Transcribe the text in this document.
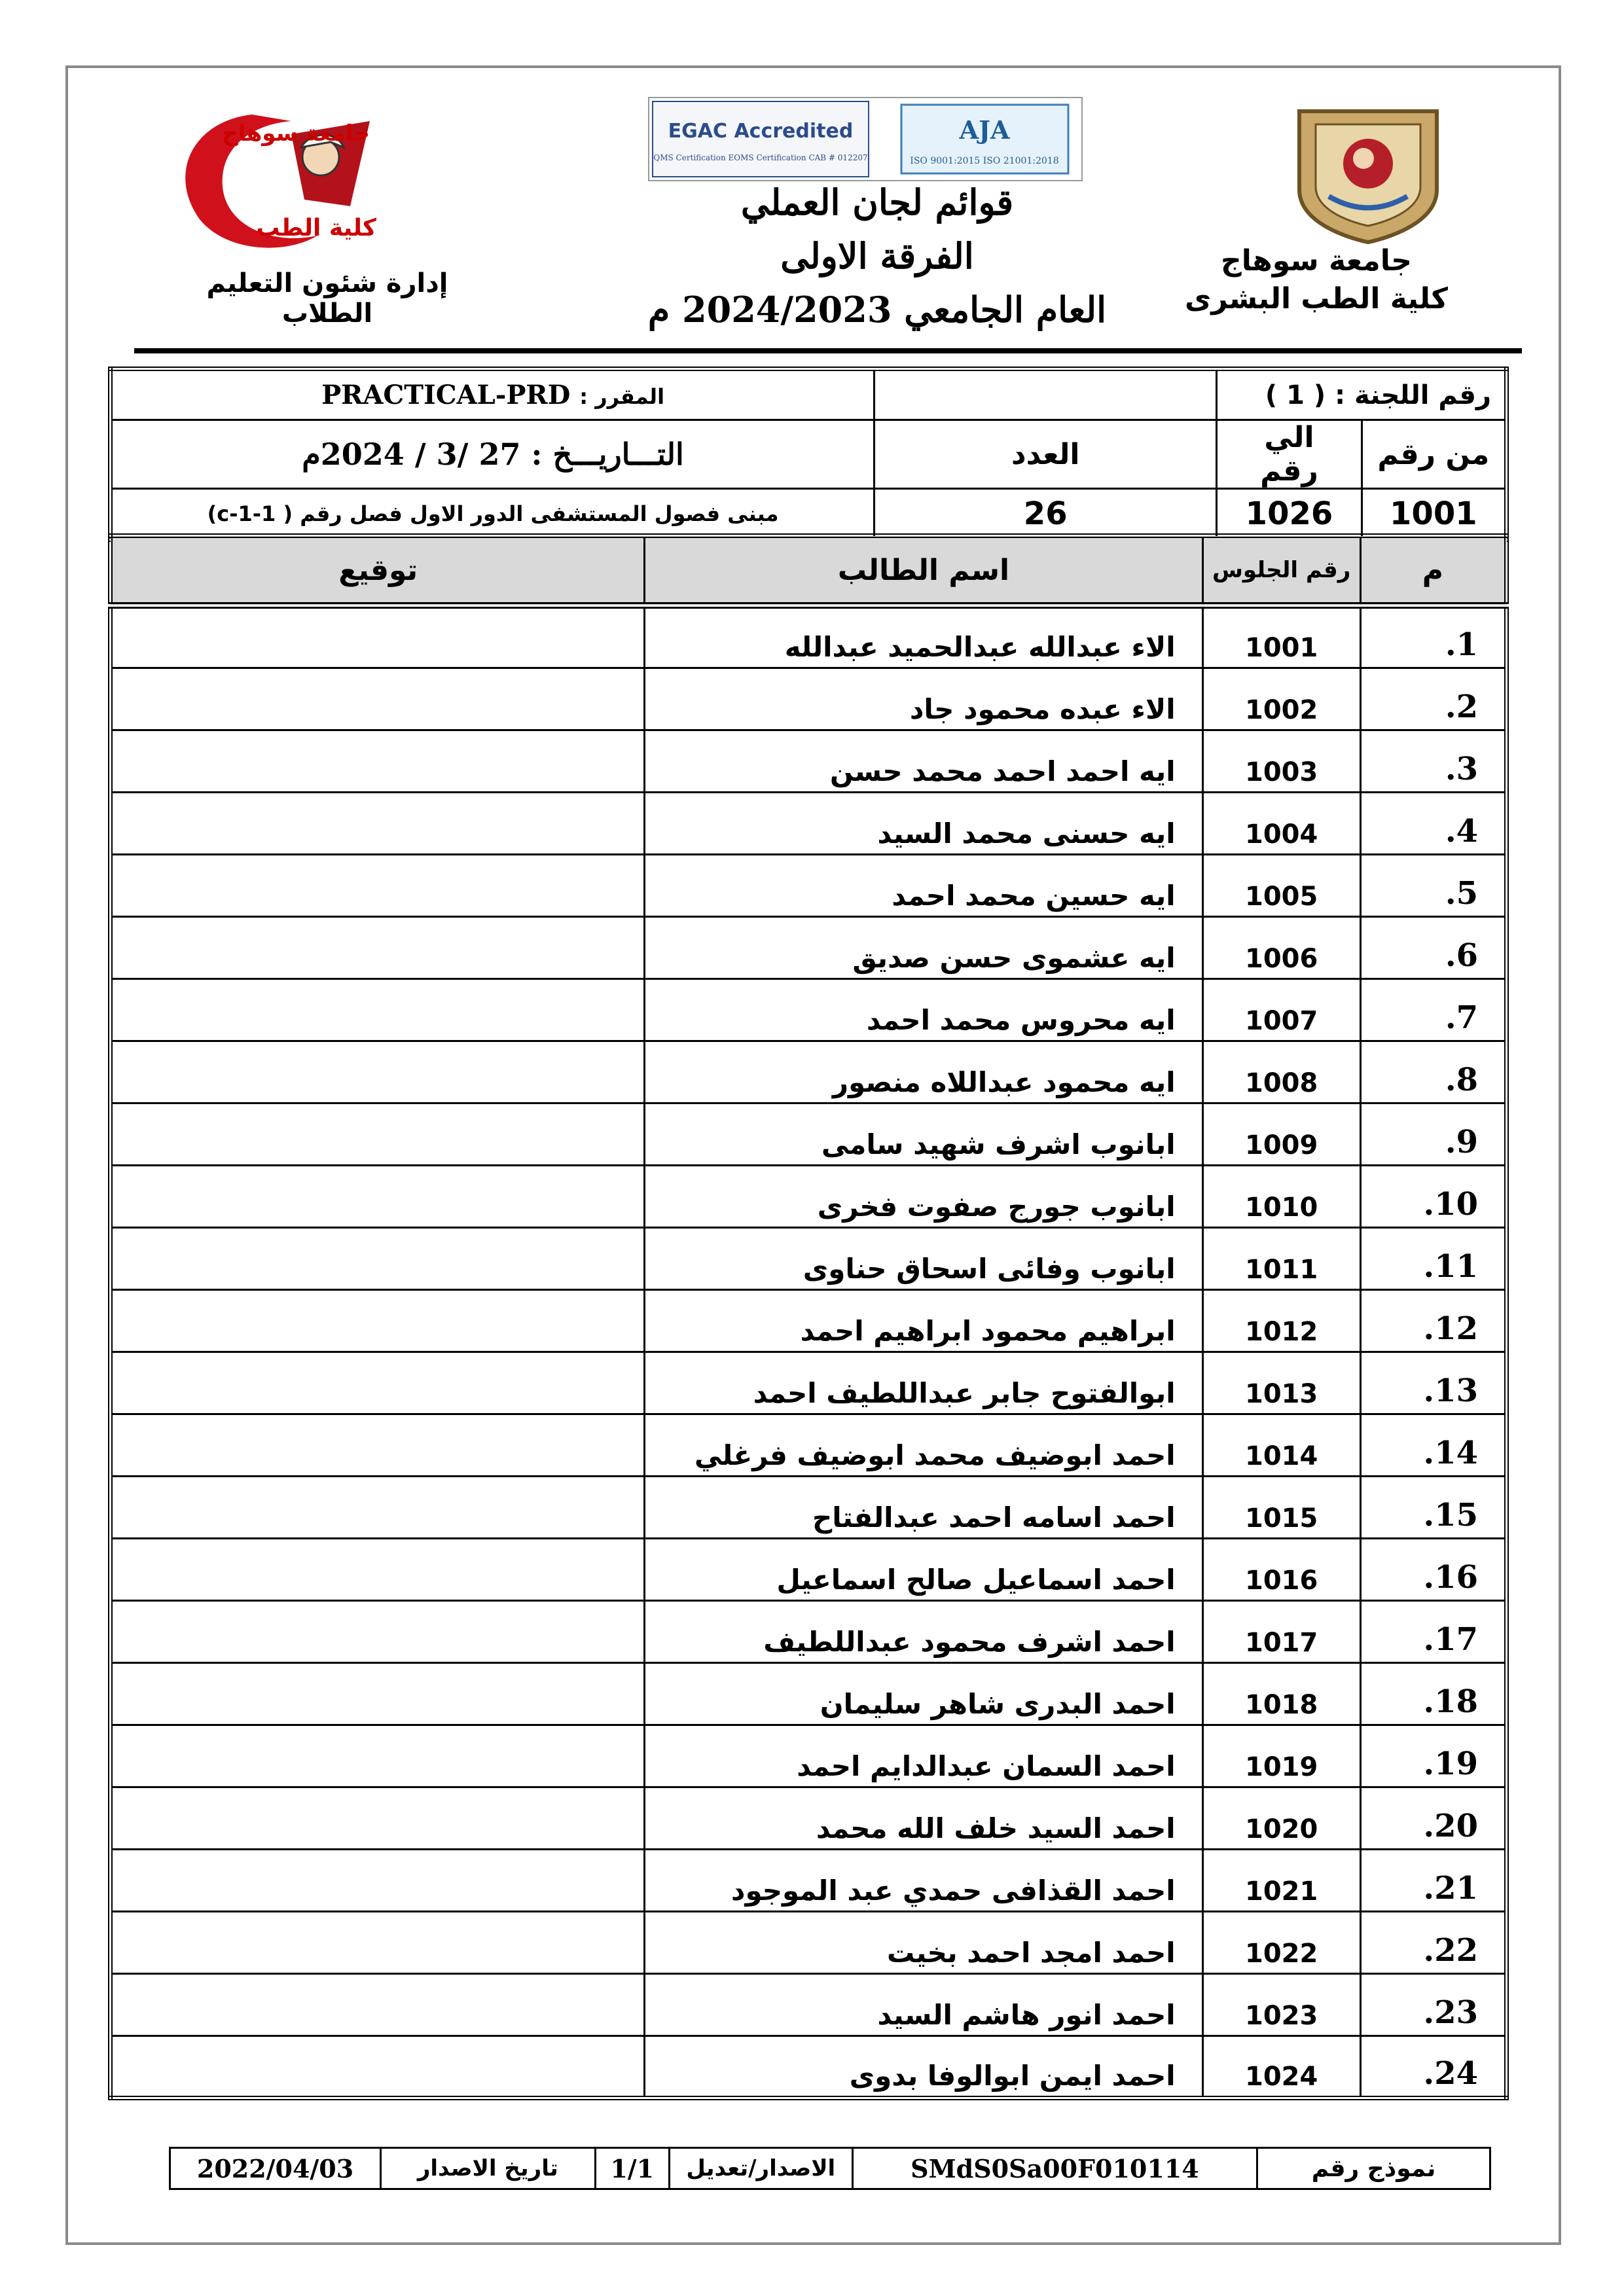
جامعة سوهاج
كلية الطب
EGAC Accredited
QMS Certification EOMS Certification CAB # 012207
AJA
ISO 9001:2015 ISO 21001:2018
جامعة سوهاج
كلية الطب البشرى
إدارة شئون التعليم الطلاب
قوائم لجان العملي
الفرقة الاولى
العام الجامعي 2024/2023 م
المقرر : PRACTICAL-PRD		رقم اللجنة : ( 1 )	
التـــاريـــخ : 27 /3 / 2024م	العدد	الي رقم	من رقم
مبنى فصول المستشفى الدور الاول فصل رقم ( c-1-1)	26	1026	1001
توقيع	اسم الطالب	رقم الجلوس	م
	الاء عبدالله عبدالحميد عبدالله	1001	.1
	الاء عبده محمود جاد	1002	.2
	ايه احمد احمد محمد حسن	1003	.3
	ايه حسنى محمد السيد	1004	.4
	ايه حسين محمد احمد	1005	.5
	ايه عشموى حسن صديق	1006	.6
	ايه محروس محمد احمد	1007	.7
	ايه محمود عبداللاه منصور	1008	.8
	ابانوب اشرف شهيد سامى	1009	.9
	ابانوب جورج صفوت فخرى	1010	.10
	ابانوب وفائى اسحاق حناوى	1011	.11
	ابراهيم محمود ابراهيم احمد	1012	.12
	ابوالفتوح جابر عبداللطيف احمد	1013	.13
	احمد ابوضيف محمد ابوضيف فرغلي	1014	.14
	احمد اسامه احمد عبدالفتاح	1015	.15
	احمد اسماعيل صالح اسماعيل	1016	.16
	احمد اشرف محمود عبداللطيف	1017	.17
	احمد البدرى شاهر سليمان	1018	.18
	احمد السمان عبدالدايم احمد	1019	.19
	احمد السيد خلف الله محمد	1020	.20
	احمد القذافى حمدي عبد الموجود	1021	.21
	احمد امجد احمد بخيت	1022	.22
	احمد انور هاشم السيد	1023	.23
	احمد ايمن ابوالوفا بدوى	1024	.24
2022/04/03	تاريخ الاصدار	1/1	الاصدار/تعديل	SMdS0Sa00F010114	نموذج رقم
